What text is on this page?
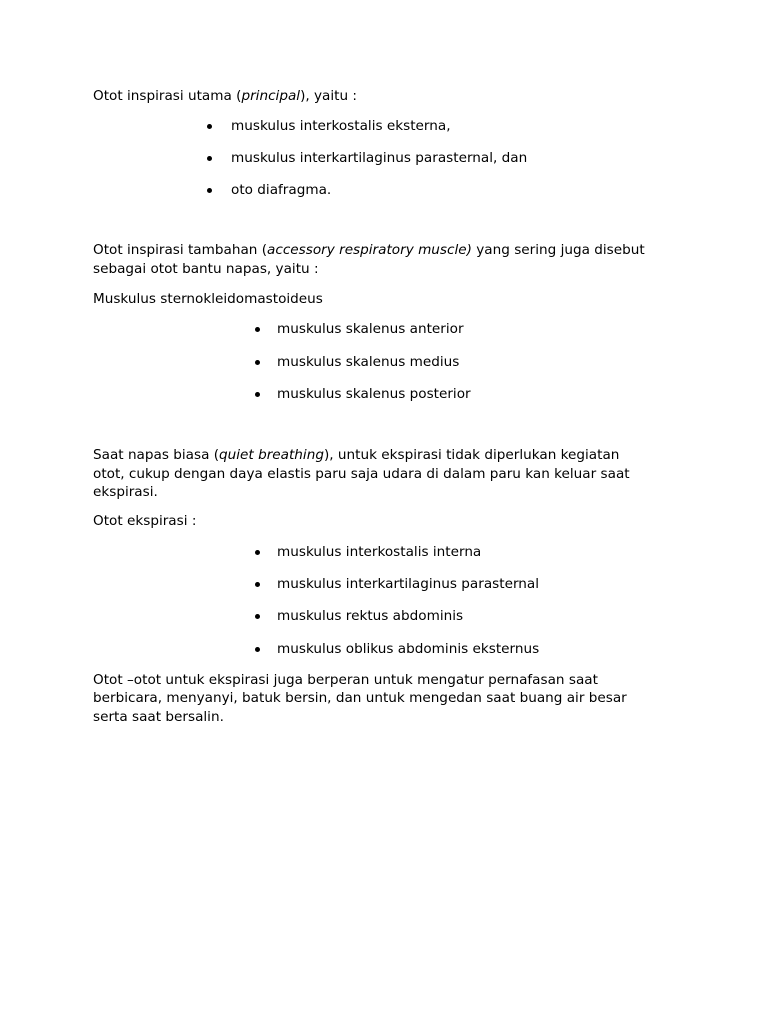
Otot inspirasi utama (principal), yaitu :

muskulus interkostalis eksterna,
muskulus interkartilaginus parasternal, dan
oto diafragma.

Otot inspirasi tambahan (accessory respiratory muscle) yang sering juga disebut

sebagai otot bantu napas, yaitu :

Muskulus sternokleidomastoideus

muskulus skalenus anterior
muskulus skalenus medius
muskulus skalenus posterior

Saat napas biasa (quiet breathing), untuk ekspirasi tidak diperlukan kegiatan

otot, cukup dengan daya elastis paru saja udara di dalam paru kan keluar saat

ekspirasi.

Otot ekspirasi :

muskulus interkostalis interna
muskulus interkartilaginus parasternal
muskulus rektus abdominis
muskulus oblikus abdominis eksternus

Otot –otot untuk ekspirasi juga berperan untuk mengatur pernafasan saat

berbicara, menyanyi, batuk bersin, dan untuk mengedan saat buang air besar

serta saat bersalin.
